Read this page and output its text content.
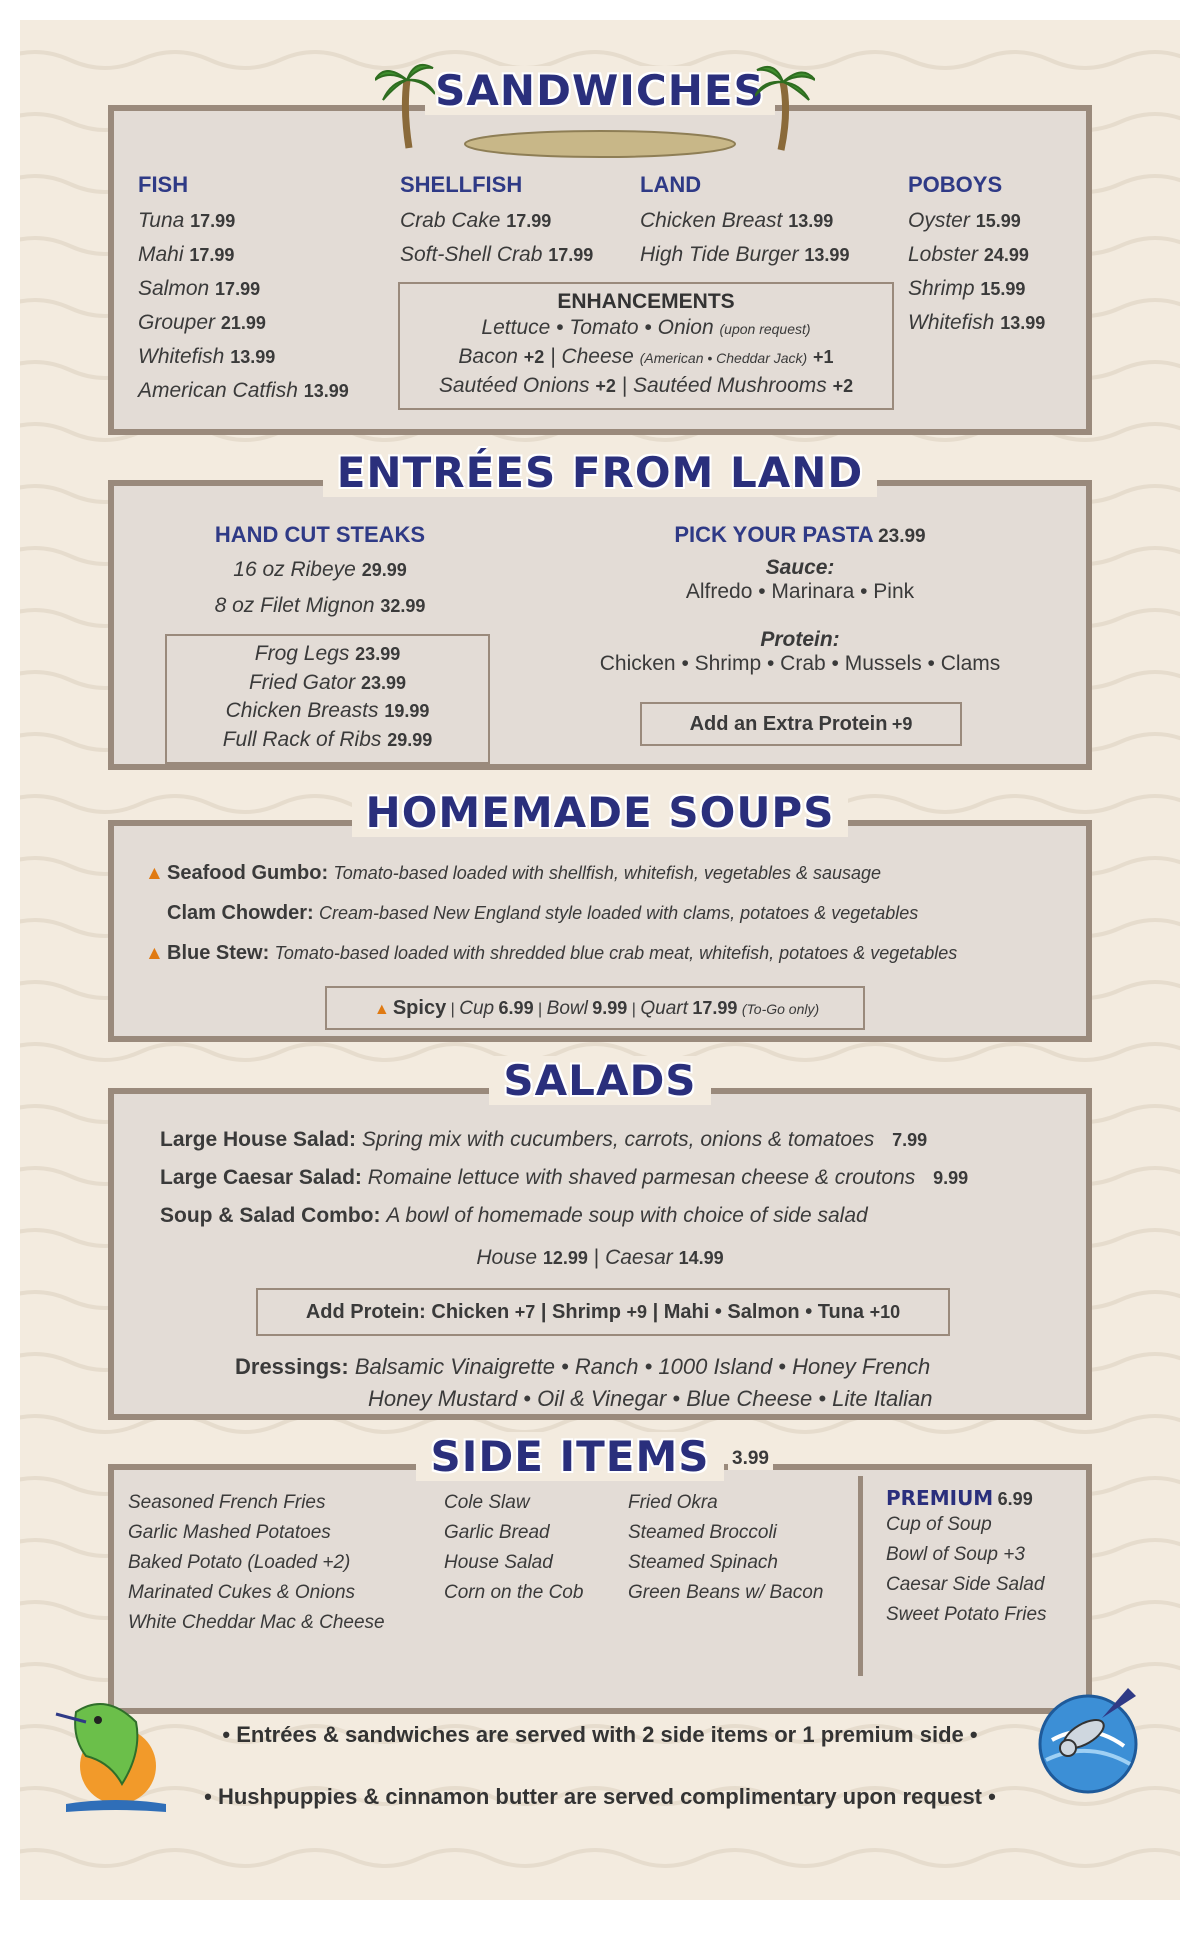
SANDWICHES
FISH
Tuna 17.99
Mahi 17.99
Salmon 17.99
Grouper 21.99
Whitefish 13.99
American Catfish 13.99
SHELLFISH
Crab Cake 17.99
Soft-Shell Crab 17.99
LAND
Chicken Breast 13.99
High Tide Burger 13.99
POBOYS
Oyster 15.99
Lobster 24.99
Shrimp 15.99
Whitefish 13.99
ENHANCEMENTS
Lettuce • Tomato • Onion (upon request)
Bacon +2 | Cheese (American • Cheddar Jack) +1
Sautéed Onions +2 | Sautéed Mushrooms +2
ENTRÉES FROM LAND
HAND CUT STEAKS
16 oz Ribeye 29.99
8 oz Filet Mignon 32.99
Frog Legs 23.99
Fried Gator 23.99
Chicken Breasts 19.99
Full Rack of Ribs 29.99
PICK YOUR PASTA 23.99
Sauce:
Alfredo • Marinara • Pink
Protein:
Chicken • Shrimp • Crab • Mussels • Clams
Add an Extra Protein +9
HOMEMADE SOUPS
▲ Seafood Gumbo: Tomato-based loaded with shellfish, whitefish, vegetables & sausage
Clam Chowder: Cream-based New England style loaded with clams, potatoes & vegetables
▲ Blue Stew: Tomato-based loaded with shredded blue crab meat, whitefish, potatoes & vegetables
▲ Spicy | Cup 6.99 | Bowl 9.99 | Quart 17.99 (To-Go only)
SALADS
Large House Salad: Spring mix with cucumbers, carrots, onions & tomatoes 7.99
Large Caesar Salad: Romaine lettuce with shaved parmesan cheese & croutons 9.99
Soup & Salad Combo: A bowl of homemade soup with choice of side salad
House 12.99 | Caesar 14.99
Add Protein: Chicken +7 | Shrimp +9 | Mahi • Salmon • Tuna +10
Dressings: Balsamic Vinaigrette • Ranch • 1000 Island • Honey French
Honey Mustard • Oil & Vinegar • Blue Cheese • Lite Italian
SIDE ITEMS	3.99
Seasoned French Fries
Garlic Mashed Potatoes
Baked Potato (Loaded +2)
Marinated Cukes & Onions
White Cheddar Mac & Cheese
Cole Slaw
Garlic Bread
House Salad
Corn on the Cob
Fried Okra
Steamed Broccoli
Steamed Spinach
Green Beans w/ Bacon
PREMIUM 6.99
Cup of Soup
Bowl of Soup +3
Caesar Side Salad
Sweet Potato Fries
• Entrées & sandwiches are served with 2 side items or 1 premium side •
• Hushpuppies & cinnamon butter are served complimentary upon request •
